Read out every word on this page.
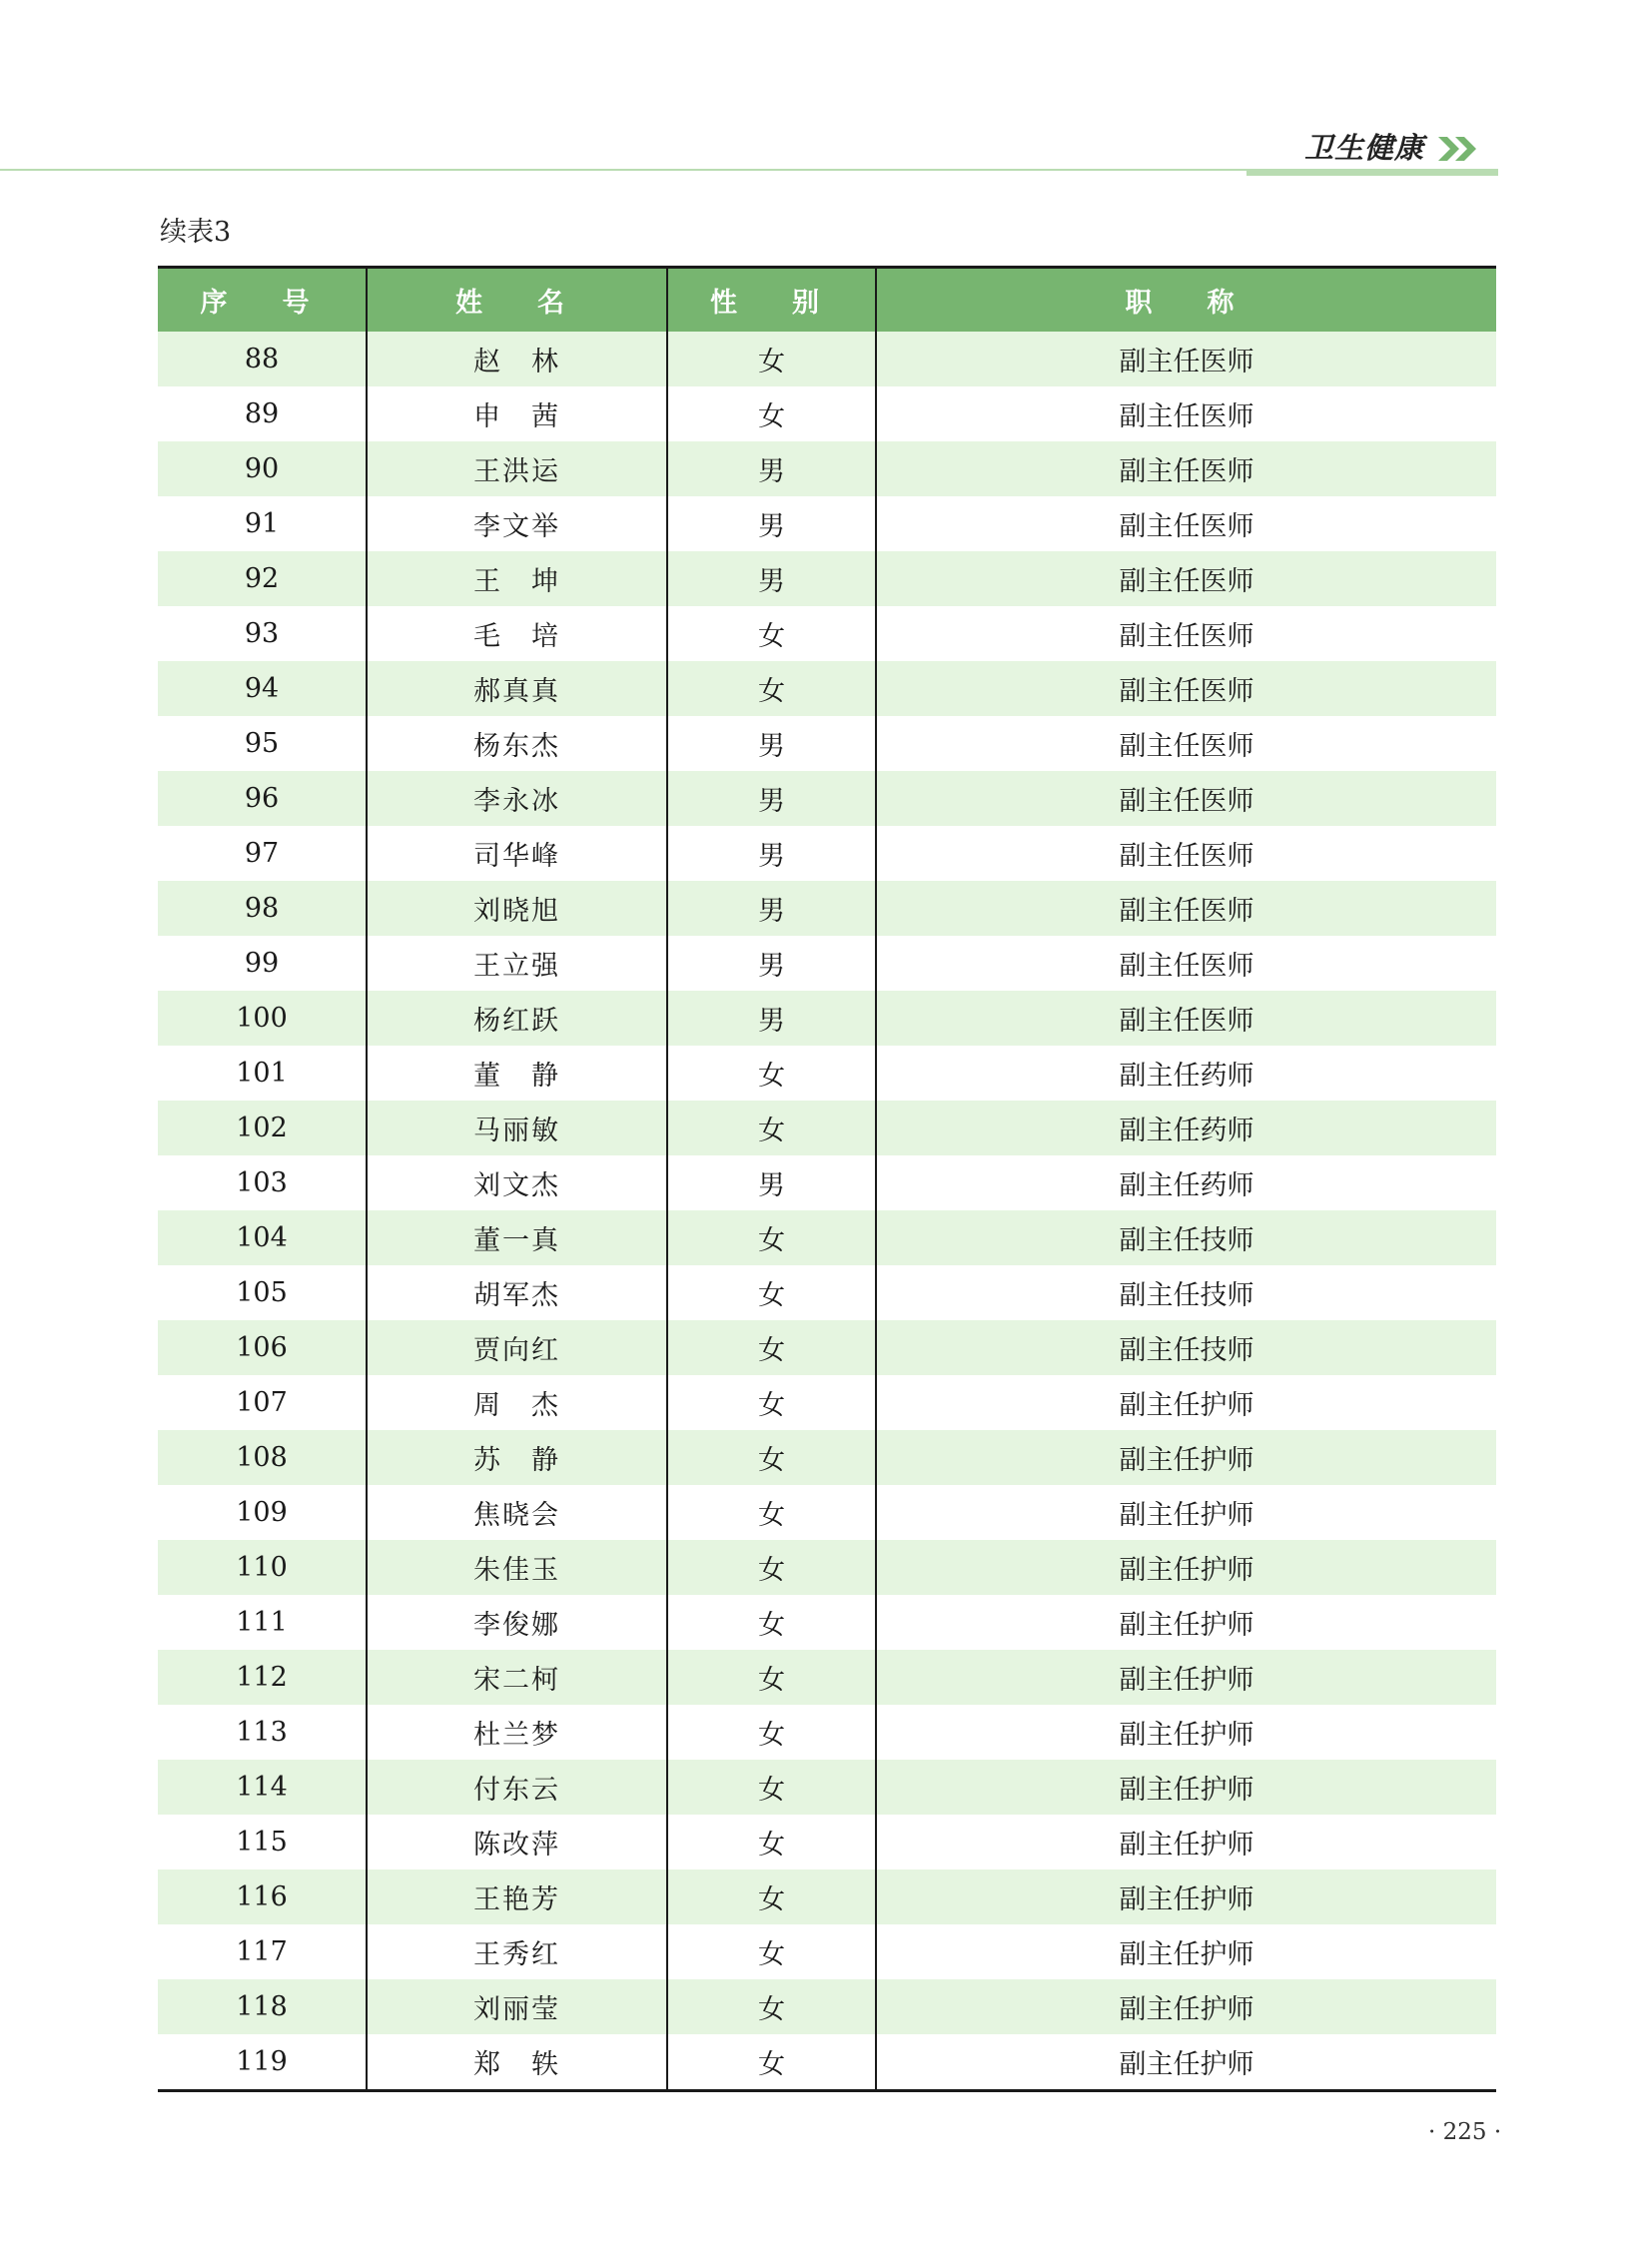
卫生健康
续表3
序　号	姓　名	性　别	职　称
88	赵　林	女	副主任医师
89	申　茜	女	副主任医师
90	王洪运	男	副主任医师
91	李文举	男	副主任医师
92	王　坤	男	副主任医师
93	毛　培	女	副主任医师
94	郝真真	女	副主任医师
95	杨东杰	男	副主任医师
96	李永冰	男	副主任医师
97	司华峰	男	副主任医师
98	刘晓旭	男	副主任医师
99	王立强	男	副主任医师
100	杨红跃	男	副主任医师
101	董　静	女	副主任药师
102	马丽敏	女	副主任药师
103	刘文杰	男	副主任药师
104	董一真	女	副主任技师
105	胡军杰	女	副主任技师
106	贾向红	女	副主任技师
107	周　杰	女	副主任护师
108	苏　静	女	副主任护师
109	焦晓会	女	副主任护师
110	朱佳玉	女	副主任护师
111	李俊娜	女	副主任护师
112	宋二柯	女	副主任护师
113	杜兰梦	女	副主任护师
114	付东云	女	副主任护师
115	陈改萍	女	副主任护师
116	王艳芳	女	副主任护师
117	王秀红	女	副主任护师
118	刘丽莹	女	副主任护师
119	郑　轶	女	副主任护师
· 225 ·
